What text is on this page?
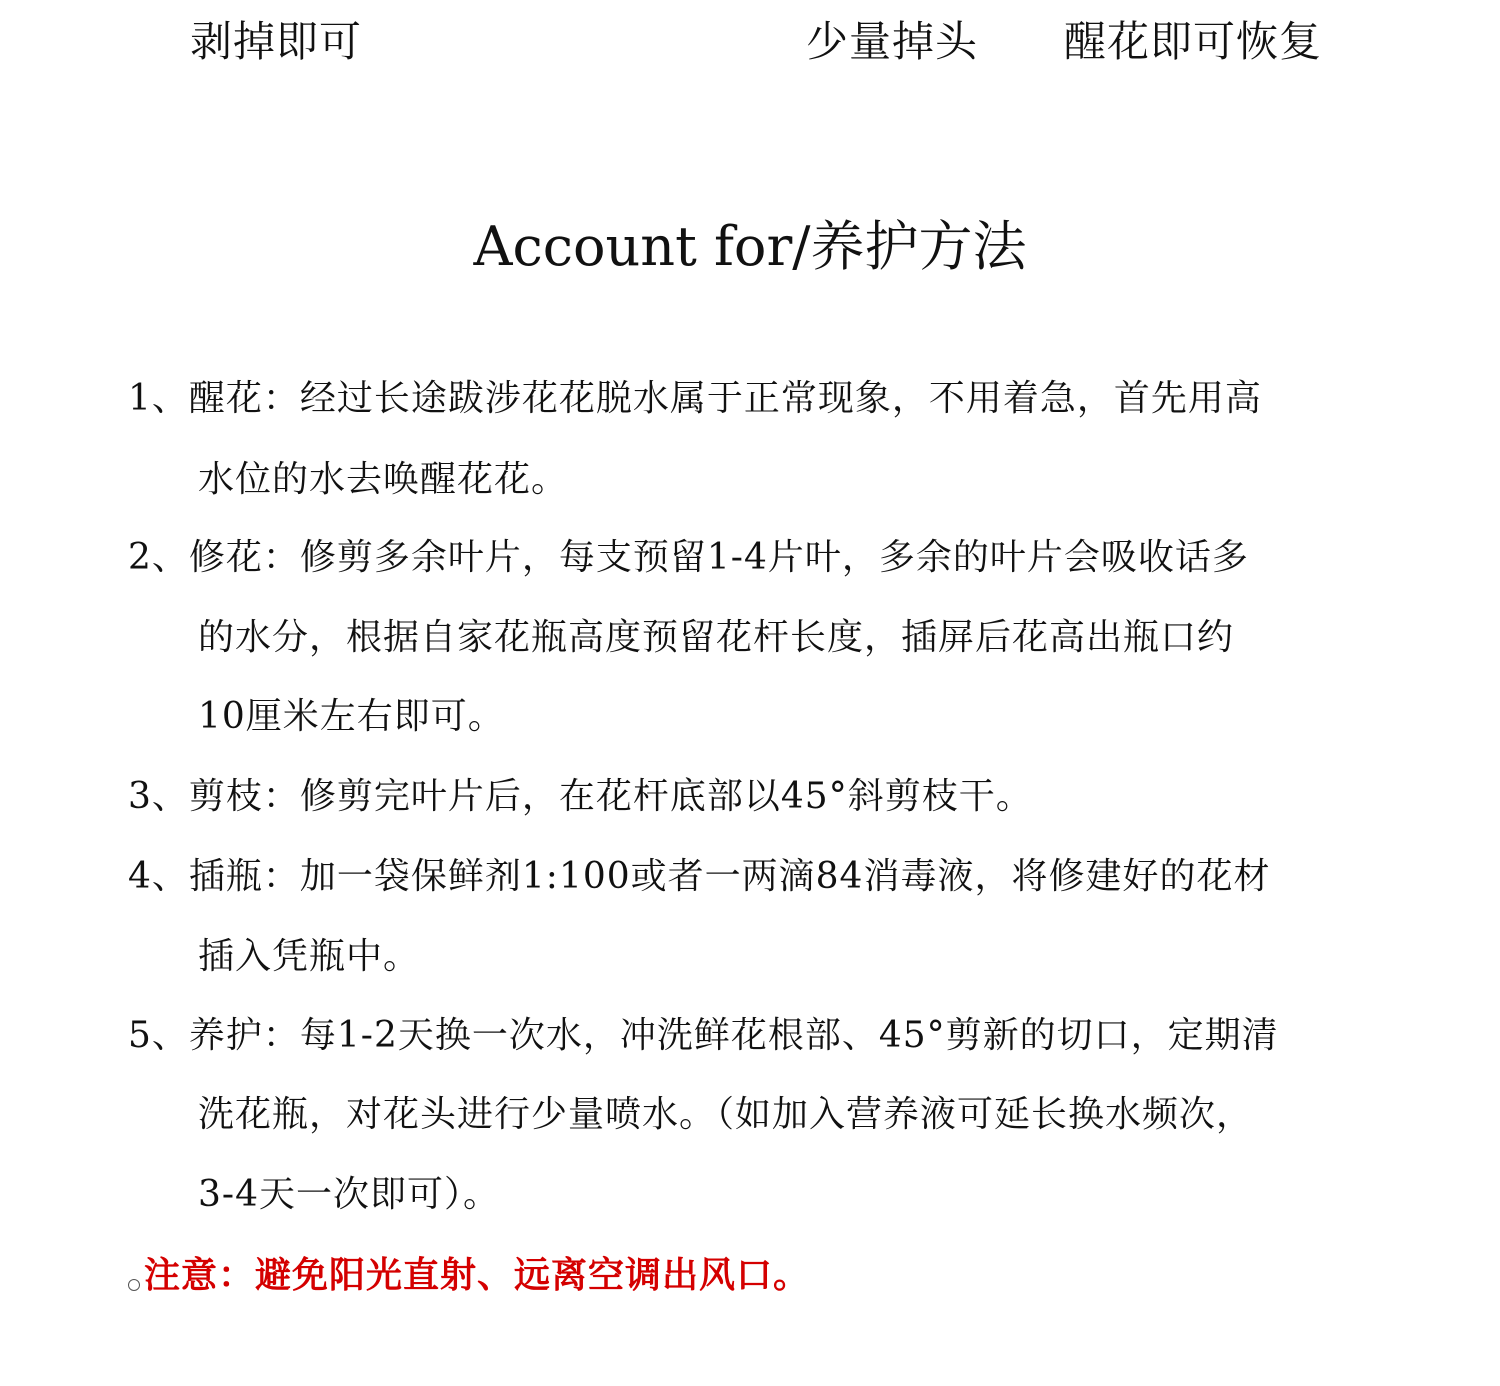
剥掉即可	少量掉头 醒花即可恢复
Account for/养护方法
1、醒花：经过长途跋涉花花脱水属于正常现象，不用着急，首先用高
水位的水去唤醒花花。
2、修花：修剪多余叶片，每支预留1-4片叶，多余的叶片会吸收话多
的水分，根据自家花瓶高度预留花杆长度，插屏后花高出瓶口约
10厘米左右即可。
3、剪枝：修剪完叶片后，在花杆底部以45°斜剪枝干。
4、插瓶：加一袋保鲜剂1:100或者一两滴84消毒液，将修建好的花材
插入凭瓶中。
5、养护：每1-2天换一次水，冲洗鲜花根部、45°剪新的切口，定期清
洗花瓶，对花头进行少量喷水。（如加入营养液可延长换水频次，
3-4天一次即可）。
注意：避免阳光直射、远离空调出风口。
